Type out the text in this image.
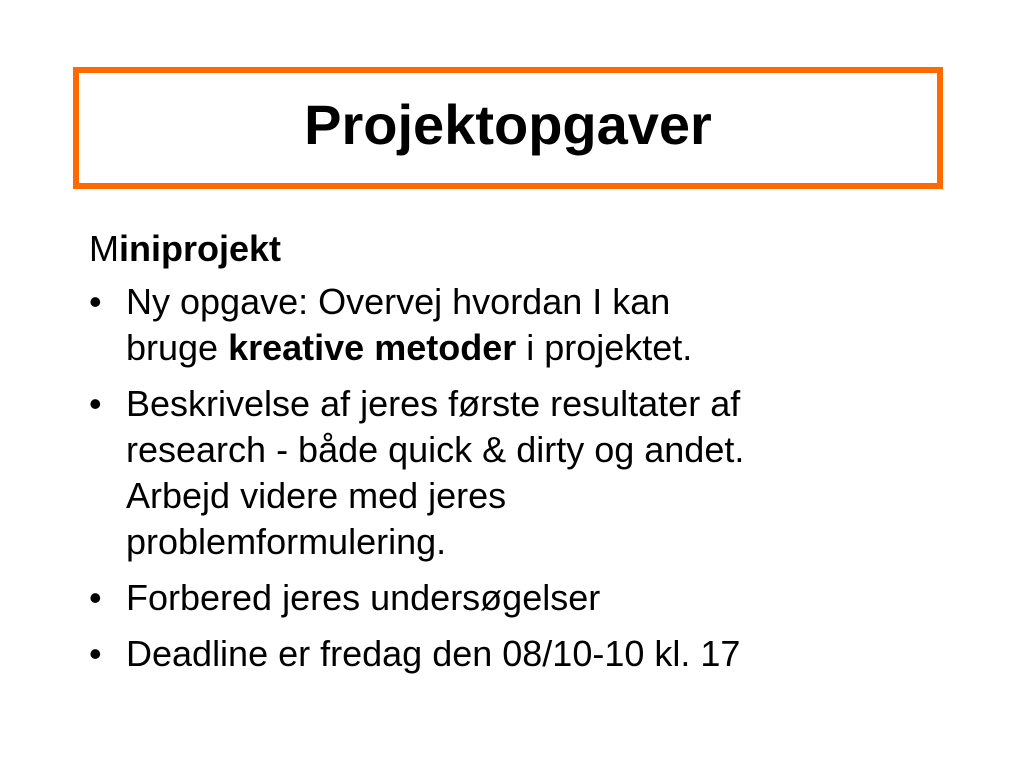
Projektopgaver
Miniprojekt
• Ny opgave: Overvej hvordan I kan
bruge kreative metoder i projektet.
• Beskrivelse af jeres første resultater af
research - både quick & dirty og andet.
Arbejd videre med jeres
problemformulering.
• Forbered jeres undersøgelser
• Deadline er fredag den 08/10-10 kl. 17
